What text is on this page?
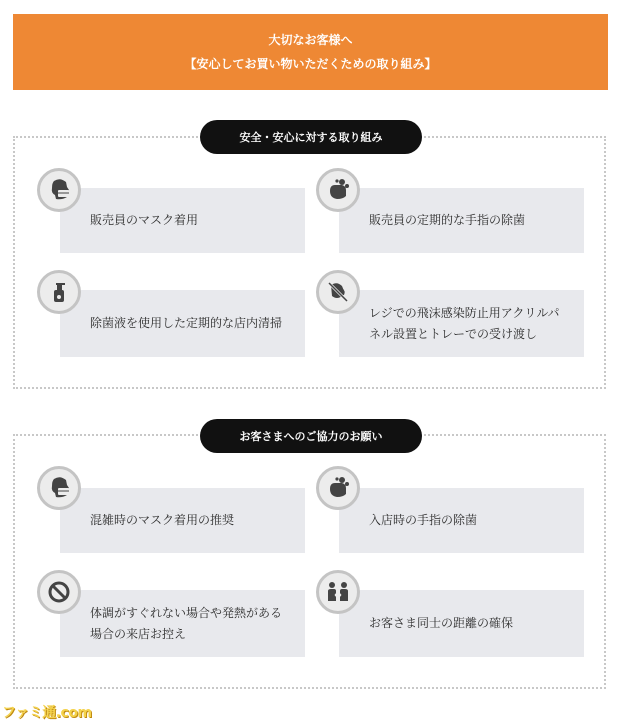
大切なお客様へ
【安心してお買い物いただくための取り組み】
安全・安心に対する取り組み
販売員のマスク着用	販売員の定期的な手指の除菌
除菌液を使用した定期的な店内清掃
レジでの飛沫感染防止用アクリルパネル設置とトレーでの受け渡し
お客さまへのご協力のお願い
混雑時のマスク着用の推奨	入店時の手指の除菌
体調がすぐれない場合や発熱がある場合の来店お控え
お客さま同士の距離の確保
ファミ通.com
